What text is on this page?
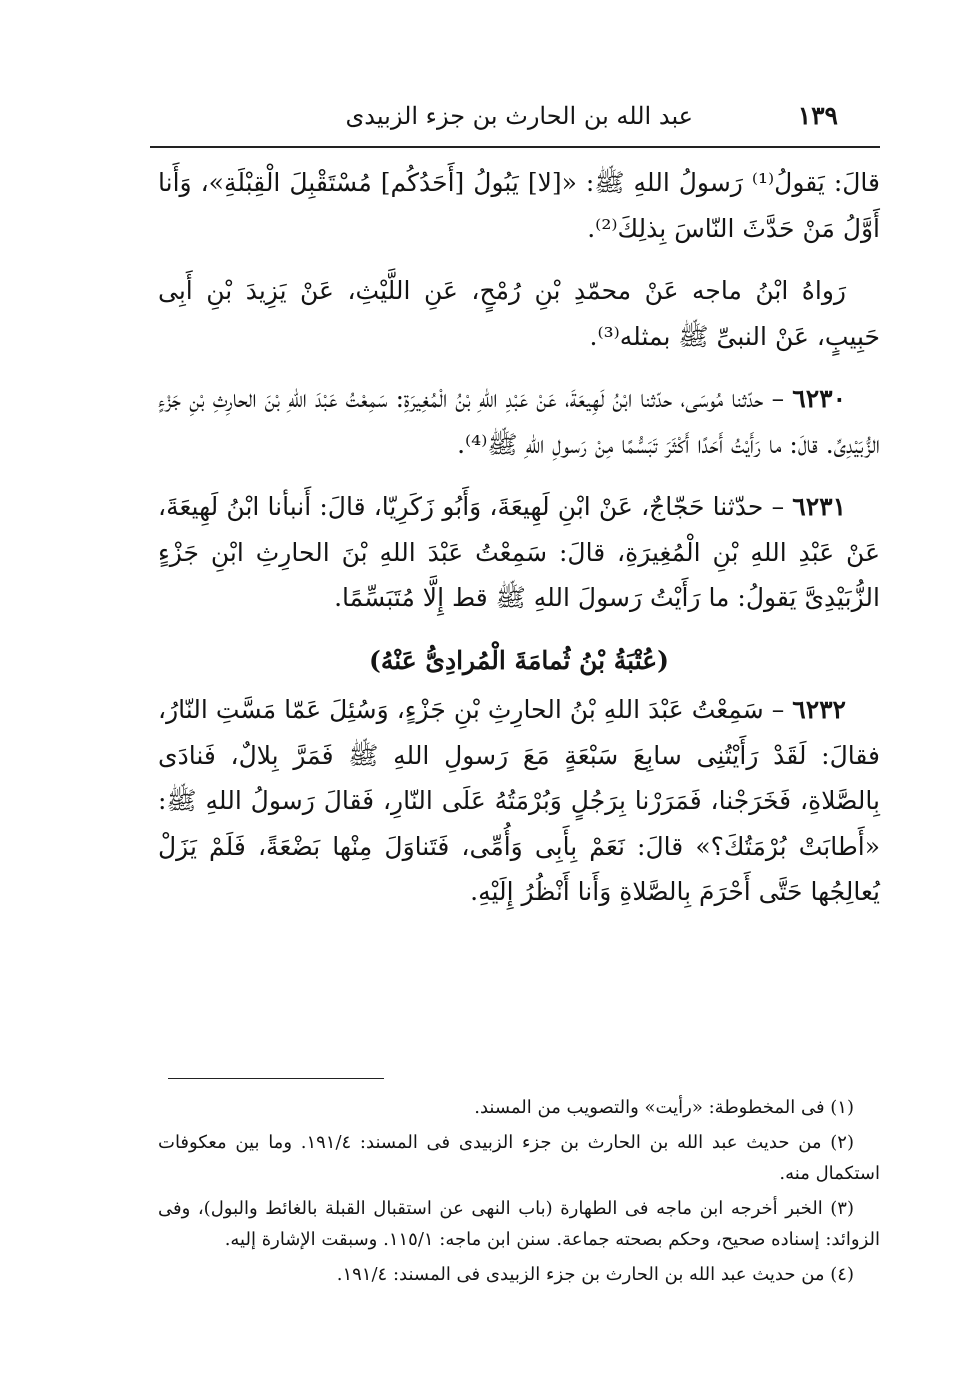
١٣٩
عبد الله بن الحارث بن جزء الزبيدى

قالَ: يَقولُ⁽¹⁾ رَسولُ اللهِ ﷺ: «[لا] يَبُولُ [أَحَدُكُم] مُسْتَقْبِلَ الْقِبْلَةِ»، وَأَنا أَوَّلُ مَنْ حَدَّثَ النّاسَ بِذلِكَ⁽²⁾.

رَواهُ ابْنُ ماجه عَنْ محمّدِ بْنِ رُمْحٍ، عَنِ اللَّيْثِ، عَنْ يَزِيدَ بْنِ أَبِى حَبِيبٍ، عَنْ النبىِّ ﷺ بمثله⁽³⁾.

٦٢٣٠ – حدّثنا مُوسَى، حدّثنا ابْنُ لَهِيعَةَ، عَنْ عَبْدِ اللهِ بْنُ الْمُغِيرَةِ: سَمِعْتُ عَبْدَ اللهِ بْنَ الحارِثِ بْنِ جَزْءٍ الزُّبَيْدِىِّ. قالَ: ما رَأَيْتُ أَحَدًا أَكْثَرَ تَبَسُّمًا مِنْ رَسولِ اللهِ ﷺ⁽⁴⁾.

٦٢٣١ – حدّثنا حَجّاجٌ، عَنْ ابْنِ لَهِيعَةَ، وَأَبُو زَكَرِيّا، قالَ: أَنبأنا ابْنُ لَهِيعَةَ، عَنْ عَبْدِ اللهِ بْنِ الْمُغِيرَةِ، قالَ: سَمِعْتُ عَبْدَ اللهِ بْنَ الحارِثِ ابْنِ جَزْءٍ الزُّبَيْدِىَّ يَقولُ: ما رَأَيْتُ رَسولَ اللهِ ﷺ قط إِلَّا مُتَبَسِّمًا.

(عُتْبَةُ بْنُ ثُمامَةَ الْمُرادِىُّ عَنْهُ)

٦٢٣٢ – سَمِعْتُ عَبْدَ اللهِ بْنُ الحارِثِ بْنِ جَزْءٍ، وَسُئِلَ عَمّا مَسَّتِ النّارُ، فقالَ: لَقَدْ رَأَيْتُنِى سابِعَ سَبْعَةٍ مَعَ رَسولِ اللهِ ﷺ فَمَرَّ بِلالٌ، فَنادَى بِالصَّلاةِ، فَخَرَجْنا، فَمَرَرْنا بِرَجُلٍ وَبُرْمَتُهُ عَلَى النّارِ، فَقالَ رَسولُ اللهِ ﷺ: «أَطابَتْ بُرْمَتُكَ؟» قالَ: نَعَمْ بِأَبِى وَأُمِّى، فَتَناوَلَ مِنْها بَضْعَةً، فَلَمْ يَزَلْ يُعالِجُها حَتَّى أَحْرَمَ بِالصَّلاةِ وَأَنا أَنْظُرُ إِلَيْهِ.

(١) فى المخطوطة: «رأيت» والتصويب من المسند.

(٢) من حديث عبد الله بن الحارث بن جزء الزبيدى فى المسند: ١٩١/٤. وما بين معكوفات استكمال منه.

(٣) الخبر أخرجه ابن ماجه فى الطهارة (باب النهى عن استقبال القبلة بالغائط والبول)، وفى الزوائد: إسناده صحيح، وحكم بصحته جماعة. سنن ابن ماجه: ١١٥/١. وسبقت الإشارة إليه.

(٤) من حديث عبد الله بن الحارث بن جزء الزبيدى فى المسند: ١٩١/٤.
